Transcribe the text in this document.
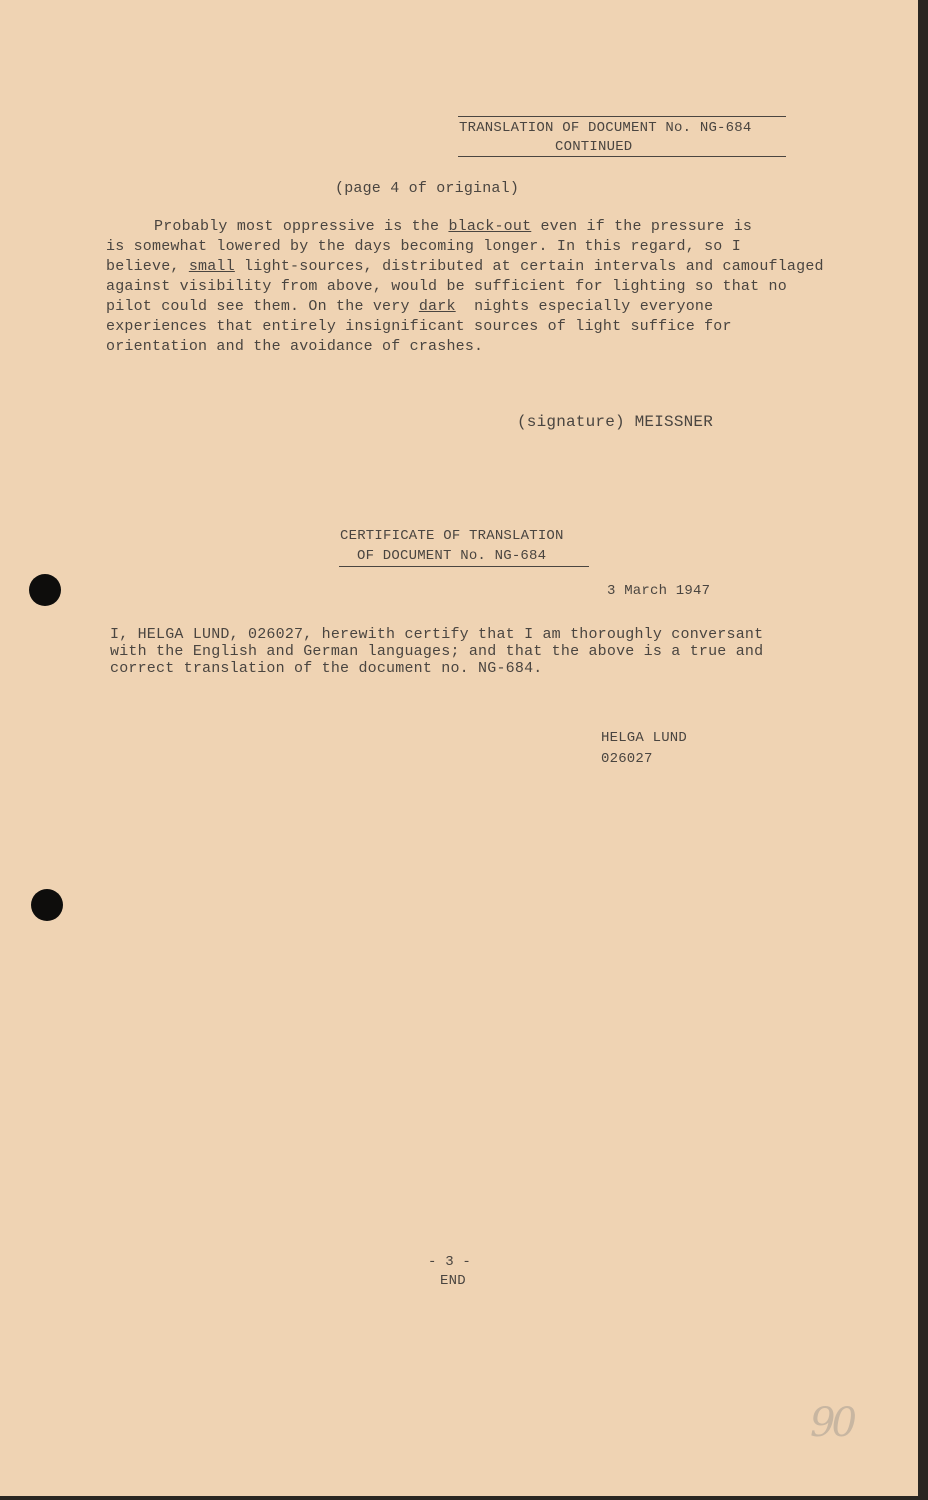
TRANSLATION OF DOCUMENT No. NG-684
CONTINUED
(page 4 of original)
Probably most oppressive is the black-out even if the pressure is
is somewhat lowered by the days becoming longer. In this regard, so I
believe, small light-sources, distributed at certain intervals and camouflaged
against visibility from above, would be sufficient for lighting so that no
pilot could see them. On the very dark  nights especially everyone
experiences that entirely insignificant sources of light suffice for
orientation and the avoidance of crashes.
(signature) MEISSNER
CERTIFICATE OF TRANSLATION
OF DOCUMENT No. NG-684
3 March 1947
I, HELGA LUND, 026027, herewith certify that I am thoroughly conversant
with the English and German languages; and that the above is a true and
correct translation of the document no. NG-684.
HELGA LUND
026027
- 3 -
END
90
